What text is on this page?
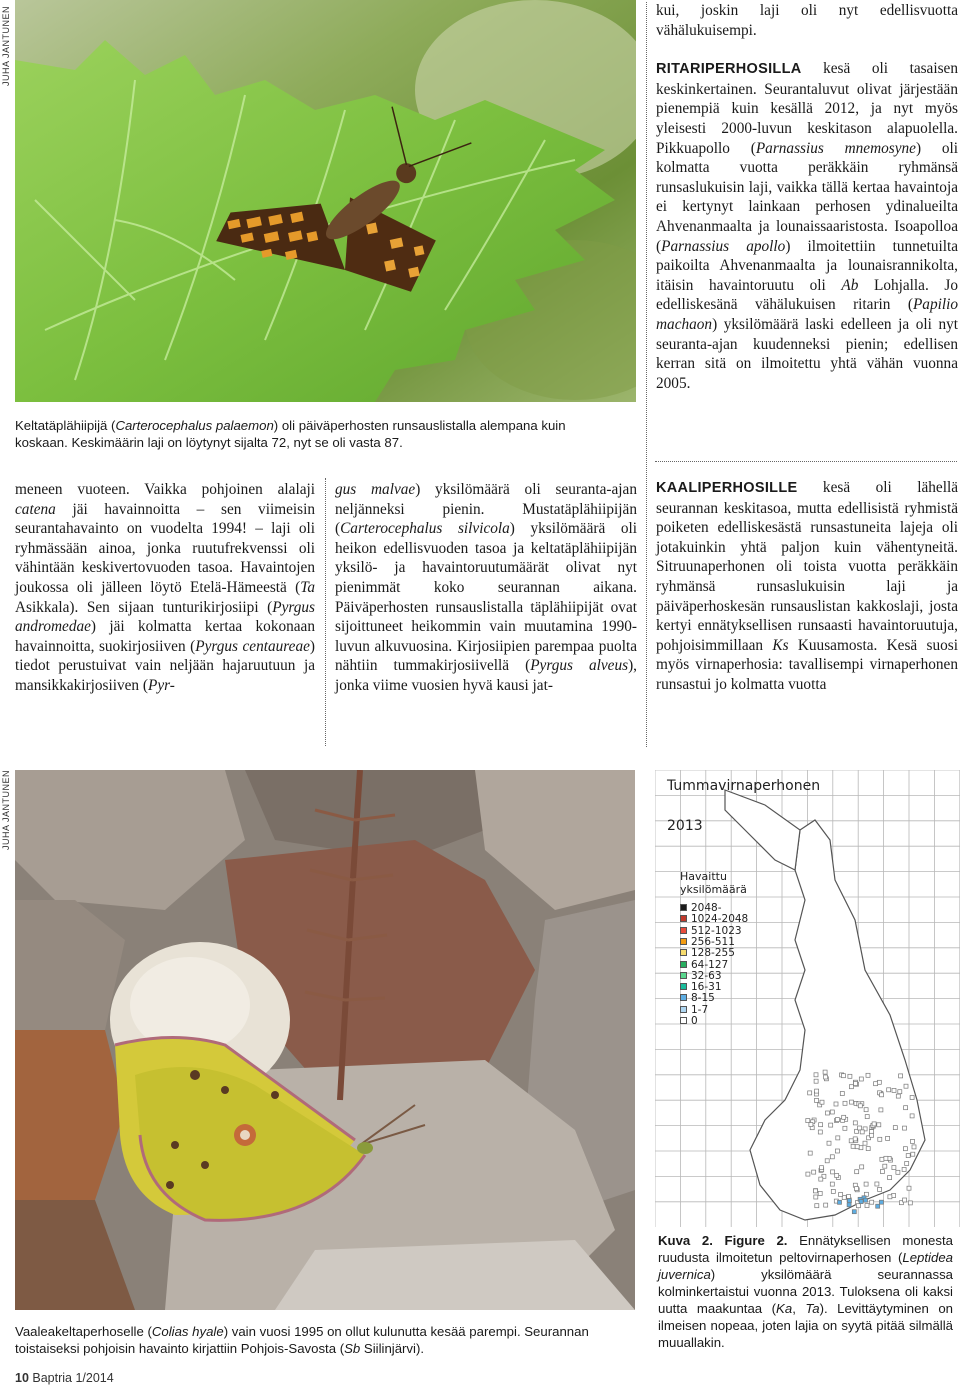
JUHA JANTUNEN
JUHA JANTUNEN
Keltatäplähiipijä (Carterocephalus palaemon) oli päiväperhosten runsauslistalla alempana kuin koskaan. Keskimäärin laji on löytynyt sijalta 72, nyt se oli vasta 87.

kui, joskin laji oli nyt edellisvuotta vähälukuisempi.

RITARIPERHOSILLA kesä oli tasaisen keskinkertainen. Seurantaluvut olivat järjestään pienempiä kuin kesällä 2012, ja nyt myös yleisesti 2000-luvun keskitason alapuolella. Pikkuapollo (Parnassius mnemosyne) oli kolmatta vuotta peräkkäin ryhmänsä runsaslukuisin laji, vaikka tällä kertaa havaintoja ei kertynyt lainkaan perhosen ydinalueilta Ahvenanmaalta ja lounaissaaristosta. Isoapolloa (Parnassius apollo) ilmoitettiin tunnetuilta paikoilta Ahvenanmaalta ja lounaisrannikolta, itäisin havaintoruutu oli Ab Lohjalla. Jo edelliskesänä vähälukuisen ritarin (Papilio machaon) yksilömäärä laski edelleen ja oli nyt seuranta-ajan kuudenneksi pienin; edellisen kerran sitä on ilmoitettu yhtä vähän vuonna 2005.

meneen vuoteen. Vaikka pohjoinen alalaji catena jäi havainnoitta – sen viimeisin seurantahavainto on vuodelta 1994! – laji oli ryhmässään ainoa, jonka ruutufrekvenssi oli vähintään keskivertovuoden tasoa. Havaintojen joukossa oli jälleen löytö Etelä-Hämeestä (Ta Asikkala). Sen sijaan tunturikirjosiipi (Pyrgus andromedae) jäi kolmatta kertaa kokonaan havainnoitta, suokirjosiiven (Pyrgus centaureae) tiedot perustuivat vain neljään hajaruutuun ja mansikkakirjosiiven (Pyr-

gus malvae) yksilömäärä oli seuranta-ajan neljänneksi pienin. Mustatäplähiipijän (Carterocephalus silvicola) yksilömäärä oli heikon edellisvuoden tasoa ja keltatäplähiipijän yksilö- ja havaintoruutumäärät olivat nyt pienimmät koko seurannan aikana. Päiväperhosten runsauslistalla täplähiipijät ovat sijoittuneet heikommin vain muutamina 1990-luvun alkuvuosina. Kirjosiipien parempaa puolta nähtiin tummakirjosiivellä (Pyrgus alveus), jonka viime vuosien hyvä kausi jat-

KAALIPERHOSILLE kesä oli lähellä seurannan keskitasoa, mutta edellisistä ryhmistä poiketen edelliskesästä runsastuneita lajeja oli jotakuinkin yhtä paljon kuin vähentyneitä. Sitruunaperhonen oli toista vuotta peräkkäin ryhmänsä runsaslukuisin laji ja päiväperhoskesän runsauslistan kakkoslaji, josta kertyi ennätyksellisen runsaasti havaintoruutuja, pohjoisimmillaan Ks Kuusamosta. Kesä suosi myös virnaperhosia: tavallisempi virnaperhonen runsastui jo kolmatta vuotta

Vaaleakeltaperhoselle (Colias hyale) vain vuosi 1995 on ollut kulunutta kesää parempi. Seurannan toistaiseksi pohjoisin havainto kirjattiin Pohjois-Savosta (Sb Siilinjärvi).
Tummavirnaperhonen
2013
Havaittu yksilömäärä
2048-
1024-2048
512-1023
256-511
128-255
64-127
32-63
16-31
8-15
1-7
0
Kuva 2. Figure 2. Ennätyksellisen monesta ruudusta ilmoitetun peltovirnaperhosen (Leptidea juvernica) yksilömäärä seurannassa kolminkertaistui vuonna 2013. Tuloksena oli kaksi uutta maakuntaa (Ka, Ta). Levittäytyminen on ilmeisen nopeaa, joten lajia on syytä pitää silmällä muuallakin.
10 Baptria 1/2014
